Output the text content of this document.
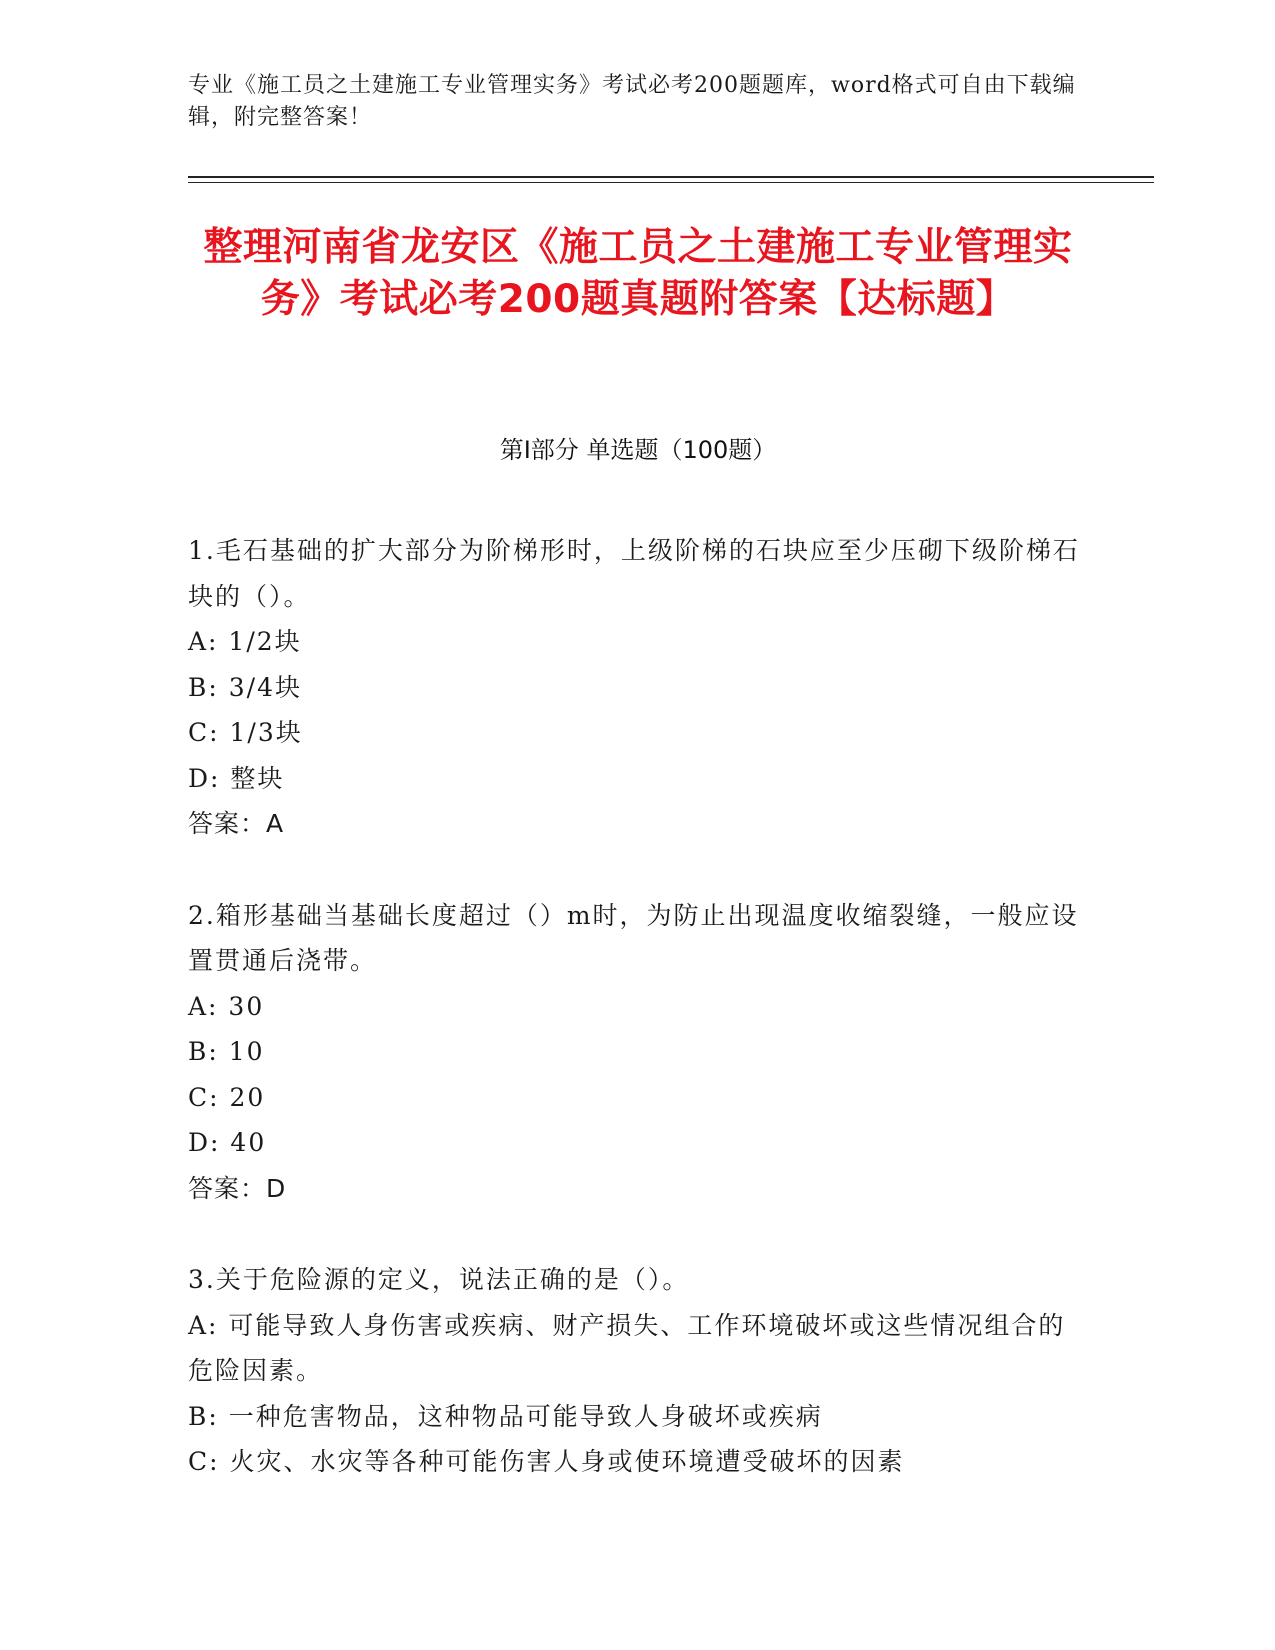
专业《施工员之土建施工专业管理实务》考试必考200题题库，word格式可自由下载编辑，附完整答案！
整理河南省龙安区《施工员之土建施工专业管理实务》考试必考200题真题附答案【达标题】
第I部分 单选题（100题）
1.毛石基础的扩大部分为阶梯形时，上级阶梯的石块应至少压砌下级阶梯石块的（）。
A: 1/2块
B: 3/4块
C: 1/3块
D: 整块
答案：A
2.箱形基础当基础长度超过（）m时，为防止出现温度收缩裂缝，一般应设置贯通后浇带。
A: 30
B: 10
C: 20
D: 40
答案：D
3.关于危险源的定义，说法正确的是（）。
A: 可能导致人身伤害或疾病、财产损失、工作环境破坏或这些情况组合的危险因素。
B: 一种危害物品，这种物品可能导致人身破坏或疾病
C: 火灾、水灾等各种可能伤害人身或使环境遭受破坏的因素
